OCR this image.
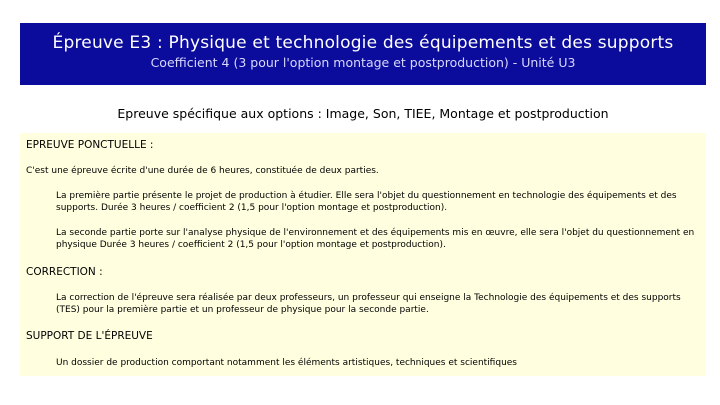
Épreuve E3 : Physique et technologie des équipements et des supports
Coefficient 4 (3 pour l'option montage et postproduction) - Unité U3
Epreuve spécifique aux options : Image, Son, TIEE, Montage et postproduction
EPREUVE PONCTUELLE :
C'est une épreuve écrite d'une durée de 6 heures, constituée de deux parties.
La première partie présente le projet de production à étudier. Elle sera l'objet du questionnement en technologie des équipements et des supports. Durée 3 heures / coefficient 2 (1,5 pour l'option montage et postproduction).
La seconde partie porte sur l'analyse physique de l'environnement et des équipements mis en œuvre, elle sera l'objet du questionnement en physique Durée 3 heures / coefficient 2 (1,5 pour l'option montage et postproduction).
CORRECTION :
La correction de l'épreuve sera réalisée par deux professeurs, un professeur qui enseigne la Technologie des équipements et des supports (TES) pour la première partie et un professeur de physique pour la seconde partie.
SUPPORT DE L'ÉPREUVE
Un dossier de production comportant notamment les éléments artistiques, techniques et scientifiques
